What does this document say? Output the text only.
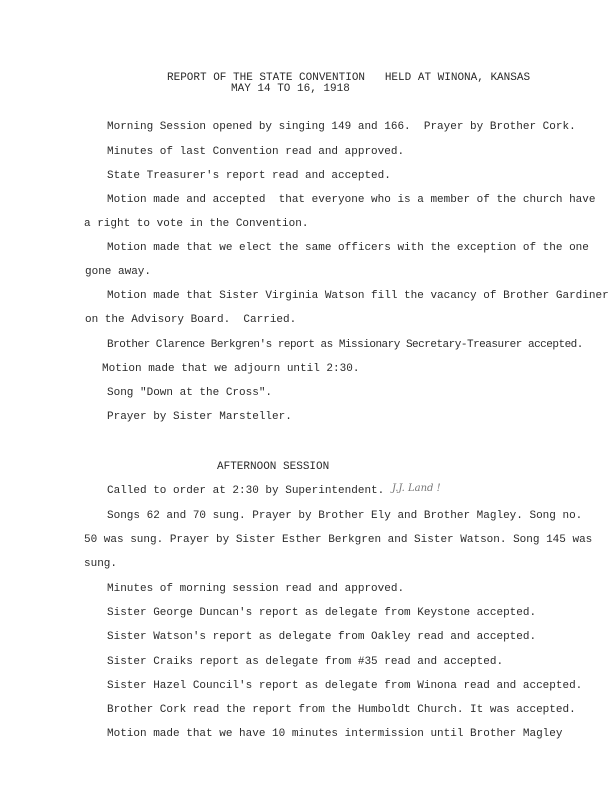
REPORT OF THE STATE CONVENTION   HELD AT WINONA, KANSAS
MAY 14 TO 16, 1918
Morning Session opened by singing 149 and 166.  Prayer by Brother Cork.
Minutes of last Convention read and approved.
State Treasurer's report read and accepted.
Motion made and accepted  that everyone who is a member of the church have
a right to vote in the Convention.
Motion made that we elect the same officers with the exception of the one
gone away.
Motion made that Sister Virginia Watson fill the vacancy of Brother Gardiner
on the Advisory Board.  Carried.
Brother Clarence Berkgren's report as Missionary Secretary-Treasurer accepted.
Motion made that we adjourn until 2:30.
Song "Down at the Cross".
Prayer by Sister Marsteller.
AFTERNOON SESSION
Called to order at 2:30 by Superintendent. J.J. Land !
Songs 62 and 70 sung. Prayer by Brother Ely and Brother Magley. Song no.
50 was sung. Prayer by Sister Esther Berkgren and Sister Watson. Song 145 was
sung.
Minutes of morning session read and approved.
Sister George Duncan's report as delegate from Keystone accepted.
Sister Watson's report as delegate from Oakley read and accepted.
Sister Craiks report as delegate from #35 read and accepted.
Sister Hazel Council's report as delegate from Winona read and accepted.
Brother Cork read the report from the Humboldt Church. It was accepted.
Motion made that we have 10 minutes intermission until Brother Magley
